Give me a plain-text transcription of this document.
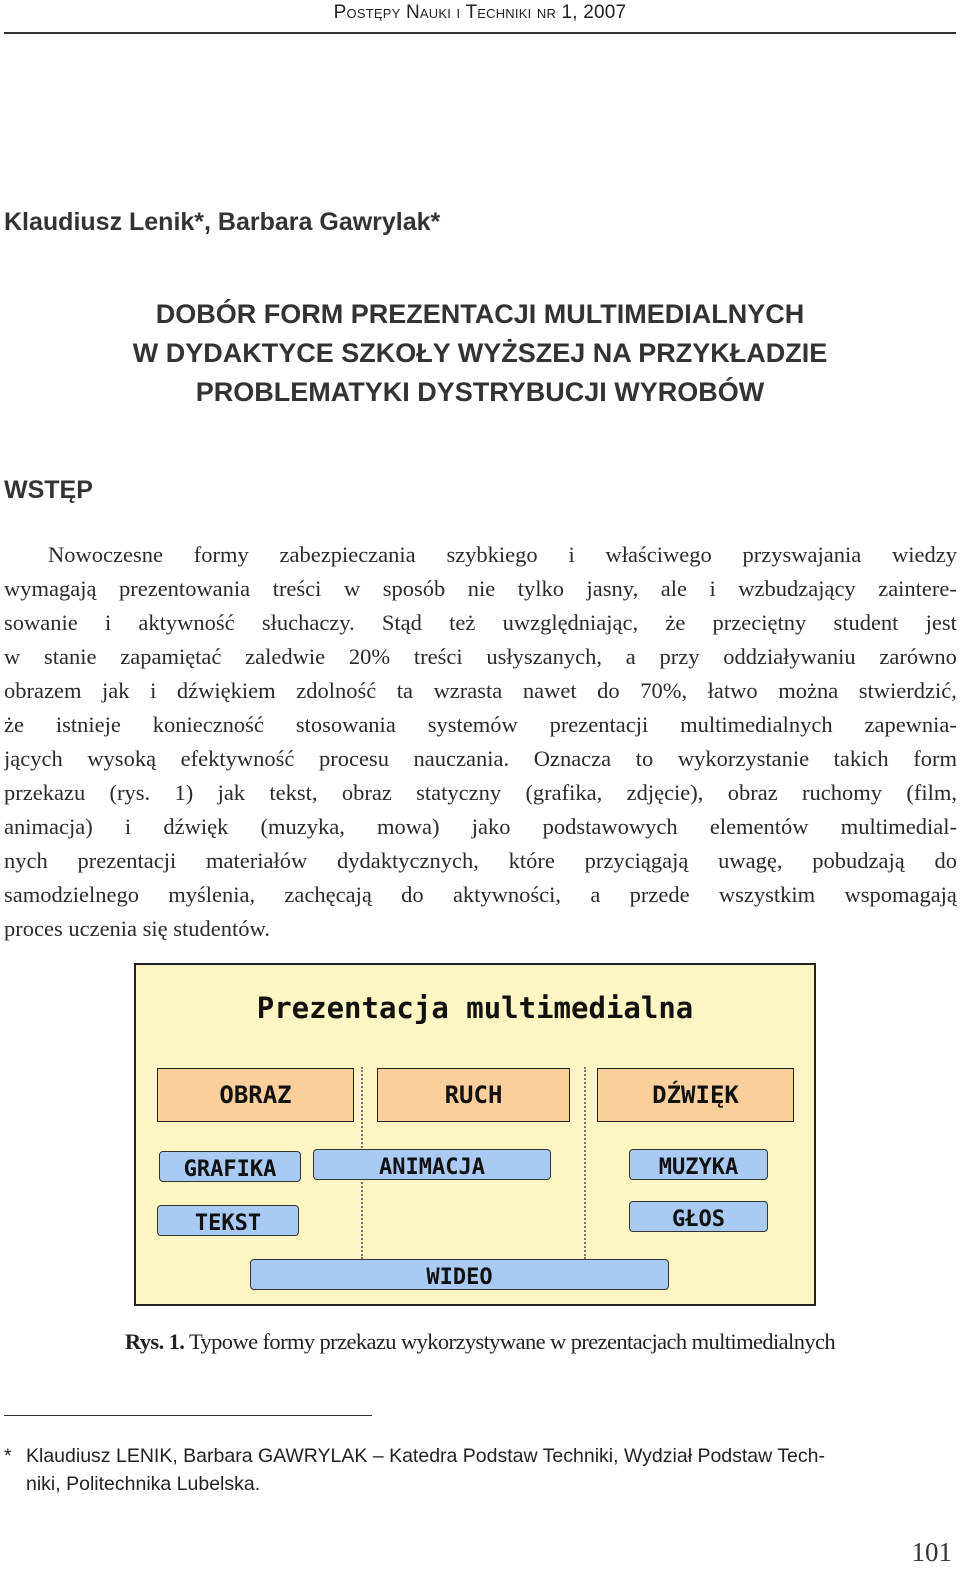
Postępy Nauki i Techniki nr 1, 2007
Klaudiusz Lenik*, Barbara Gawrylak*
DOBÓR FORM PREZENTACJI MULTIMEDIALNYCH
W DYDAKTYCE SZKOŁY WYŻSZEJ NA PRZYKŁADZIE
PROBLEMATYKI DYSTRYBUCJI WYROBÓW
WSTĘP
Nowoczesne formy zabezpieczania szybkiego i właściwego przyswajania wiedzy
wymagają prezentowania treści w sposób nie tylko jasny, ale i wzbudzający zaintere-
sowanie i aktywność słuchaczy. Stąd też uwzględniając, że przeciętny student jest
w stanie zapamiętać zaledwie 20% treści usłyszanych, a przy oddziaływaniu zarówno
obrazem jak i dźwiękiem zdolność ta wzrasta nawet do 70%, łatwo można stwierdzić,
że istnieje konieczność stosowania systemów prezentacji multimedialnych zapewnia-
jących wysoką efektywność procesu nauczania. Oznacza to wykorzystanie takich form
przekazu (rys. 1) jak tekst, obraz statyczny (grafika, zdjęcie), obraz ruchomy (film,
animacja) i dźwięk (muzyka, mowa) jako podstawowych elementów multimedial-
nych prezentacji materiałów dydaktycznych, które przyciągają uwagę, pobudzają do
samodzielnego myślenia, zachęcają do aktywności, a przede wszystkim wspomagają
proces uczenia się studentów.
Prezentacja multimedialna
OBRAZ	RUCH	DŹWIĘK
GRAFIKA	ANIMACJA	MUZYKA
TEKST	GŁOS
WIDEO
Rys. 1. Typowe formy przekazu wykorzystywane w prezentacjach multimedialnych
* Klaudiusz LENIK, Barbara GAWRYLAK – Katedra Podstaw Techniki, Wydział Podstaw Tech-
niki, Politechnika Lubelska.
101
